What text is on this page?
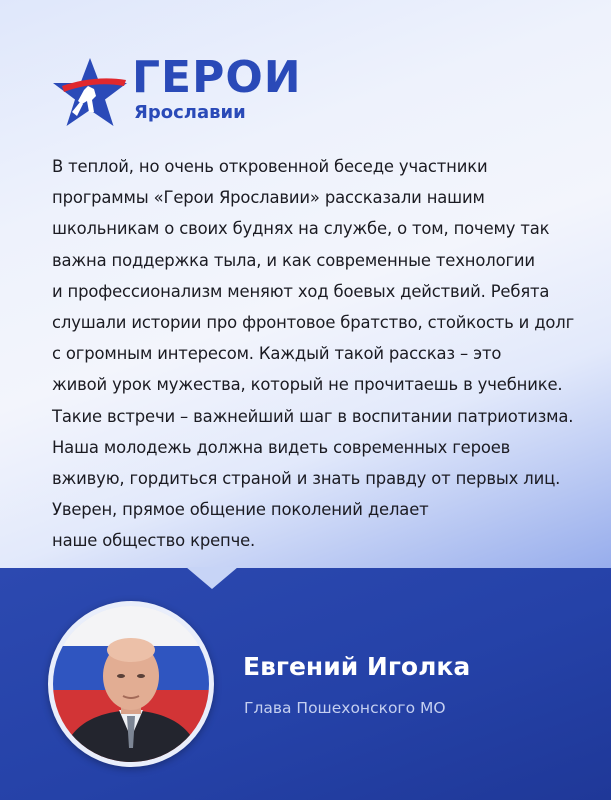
ГЕРОИ
Ярославии
В теплой, но очень откровенной беседе участники
программы «Герои Ярославии» рассказали нашим
школьникам о своих буднях на службе, о том, почему так
важна поддержка тыла, и как современные технологии
и профессионализм меняют ход боевых действий. Ребята
слушали истории про фронтовое братство, стойкость и долг
с огромным интересом. Каждый такой рассказ – это
живой урок мужества, который не прочитаешь в учебнике.
Такие встречи – важнейший шаг в воспитании патриотизма.
Наша молодежь должна видеть современных героев
вживую, гордиться страной и знать правду от первых лиц.
Уверен, прямое общение поколений делает
наше общество крепче.
Евгений Иголка
Глава Пошехонского МО
